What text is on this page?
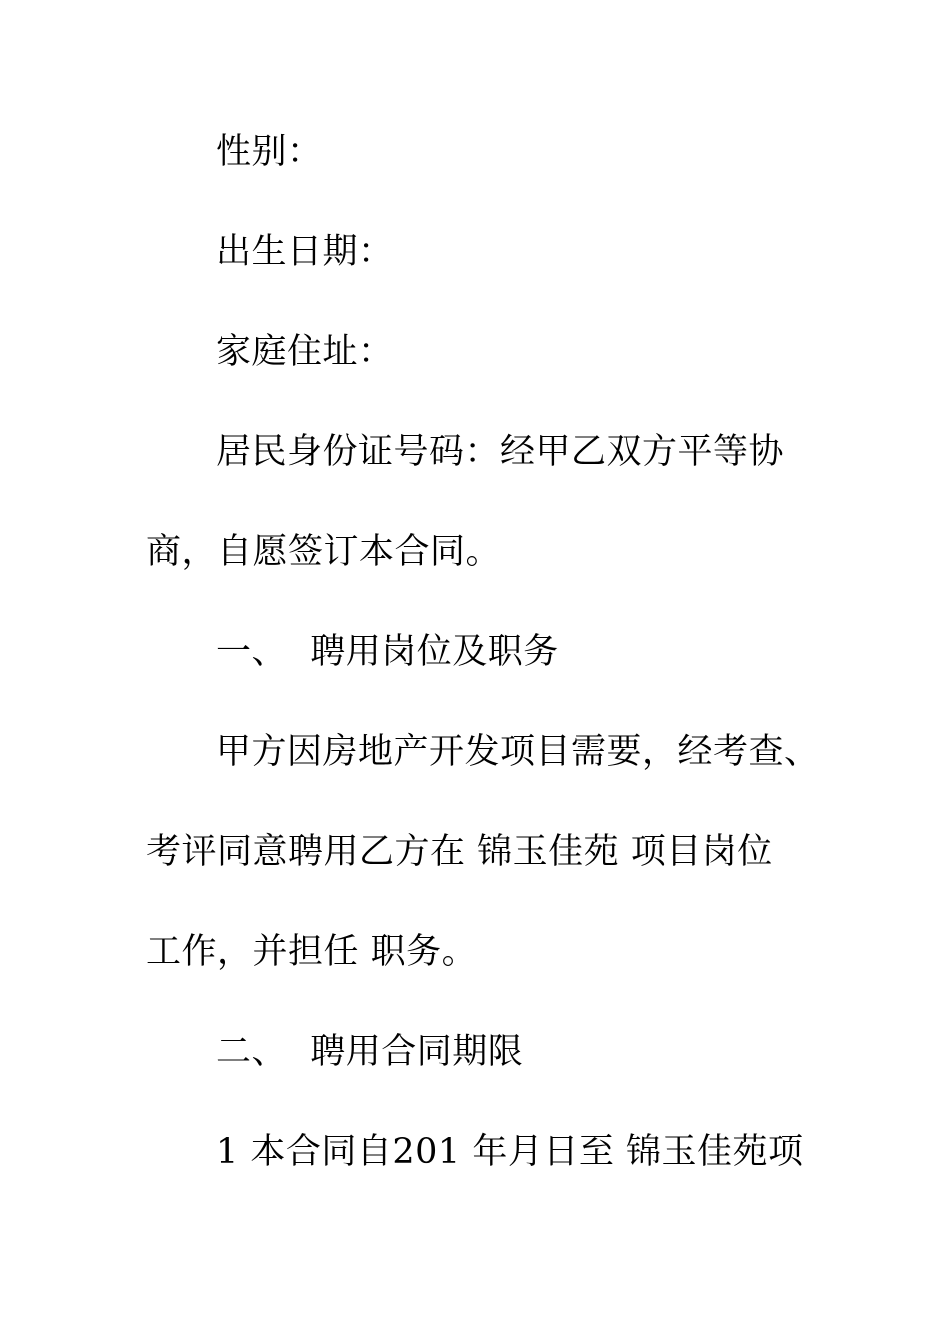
性别：
出生日期：
家庭住址：
居民身份证号码：经甲乙双方平等协
商，自愿签订本合同。
一、  聘用岗位及职务
甲方因房地产开发项目需要，经考查、
考评同意聘用乙方在 锦玉佳苑 项目岗位
工作，并担任 职务。
二、  聘用合同期限
1 本合同自201 年月日至 锦玉佳苑项
